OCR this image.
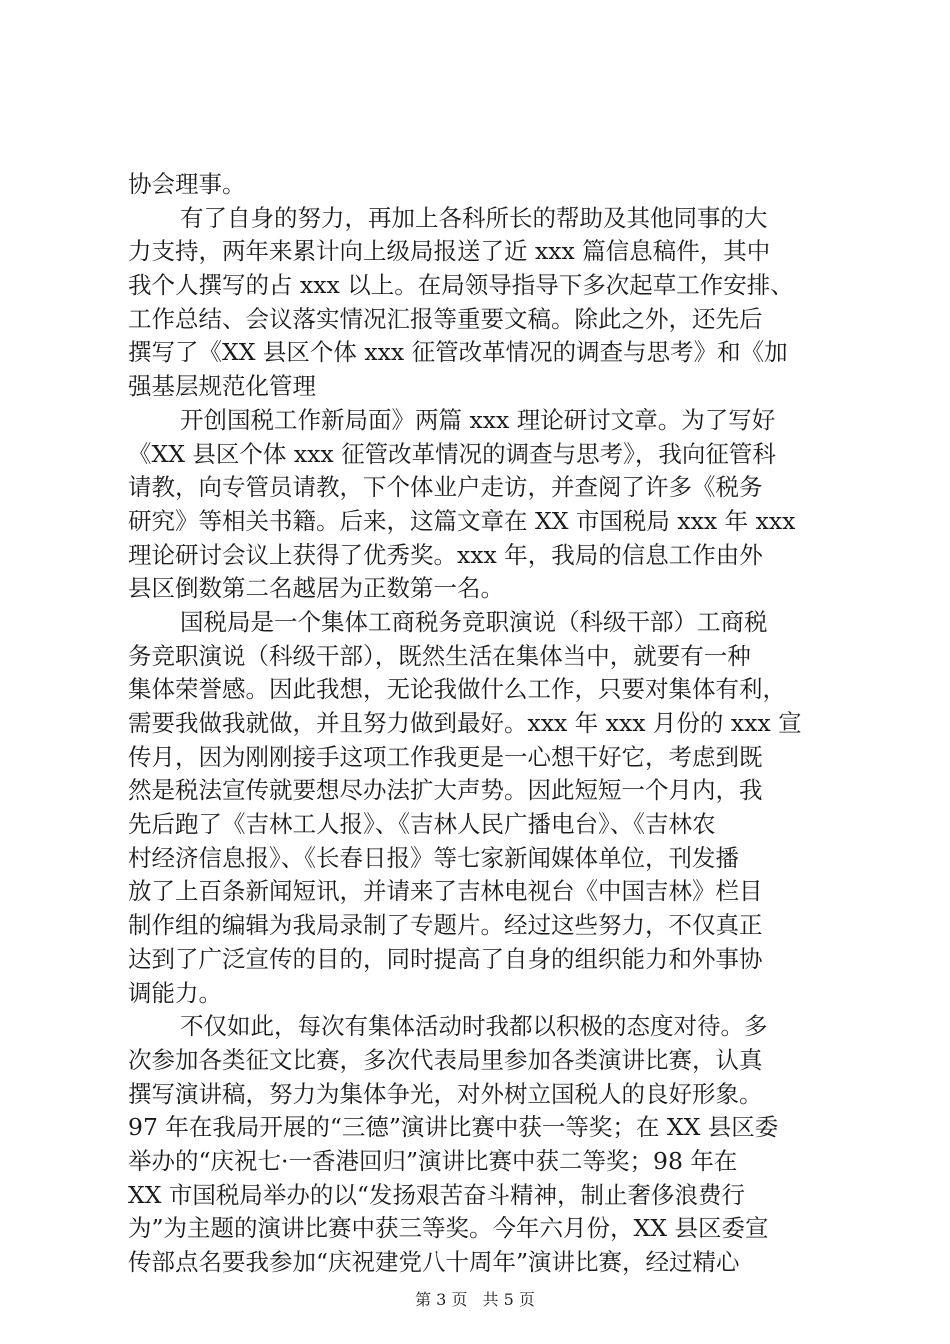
协会理事。
有了自身的努力，再加上各科所长的帮助及其他同事的大
力支持，两年来累计向上级局报送了近 xxx 篇信息稿件，其中
我个人撰写的占 xxx 以上。在局领导指导下多次起草工作安排、
工作总结、会议落实情况汇报等重要文稿。除此之外，还先后
撰写了《XX 县区个体 xxx 征管改革情况的调查与思考》和《加
强基层规范化管理
开创国税工作新局面》两篇 xxx 理论研讨文章。为了写好
《XX 县区个体 xxx 征管改革情况的调查与思考》，我向征管科
请教，向专管员请教，下个体业户走访，并查阅了许多《税务
研究》等相关书籍。后来，这篇文章在 XX 市国税局 xxx 年 xxx
理论研讨会议上获得了优秀奖。xxx 年，我局的信息工作由外
县区倒数第二名越居为正数第一名。
国税局是一个集体工商税务竞职演说（科级干部）工商税
务竞职演说（科级干部），既然生活在集体当中，就要有一种
集体荣誉感。因此我想，无论我做什么工作，只要对集体有利，
需要我做我就做，并且努力做到最好。xxx 年 xxx 月份的 xxx 宣
传月，因为刚刚接手这项工作我更是一心想干好它，考虑到既
然是税法宣传就要想尽办法扩大声势。因此短短一个月内，我
先后跑了《吉林工人报》、《吉林人民广播电台》、《吉林农
村经济信息报》、《长春日报》等七家新闻媒体单位，刊发播
放了上百条新闻短讯，并请来了吉林电视台《中国吉林》栏目
制作组的编辑为我局录制了专题片。经过这些努力，不仅真正
达到了广泛宣传的目的，同时提高了自身的组织能力和外事协
调能力。
不仅如此，每次有集体活动时我都以积极的态度对待。多
次参加各类征文比赛，多次代表局里参加各类演讲比赛，认真
撰写演讲稿，努力为集体争光，对外树立国税人的良好形象。
97 年在我局开展的“三德”演讲比赛中获一等奖；在 XX 县区委
举办的“庆祝七·一香港回归”演讲比赛中获二等奖；98 年在
XX 市国税局举办的以“发扬艰苦奋斗精神，制止奢侈浪费行
为”为主题的演讲比赛中获三等奖。今年六月份，XX 县区委宣
传部点名要我参加“庆祝建党八十周年”演讲比赛，经过精心
第 3 页 共 5 页
